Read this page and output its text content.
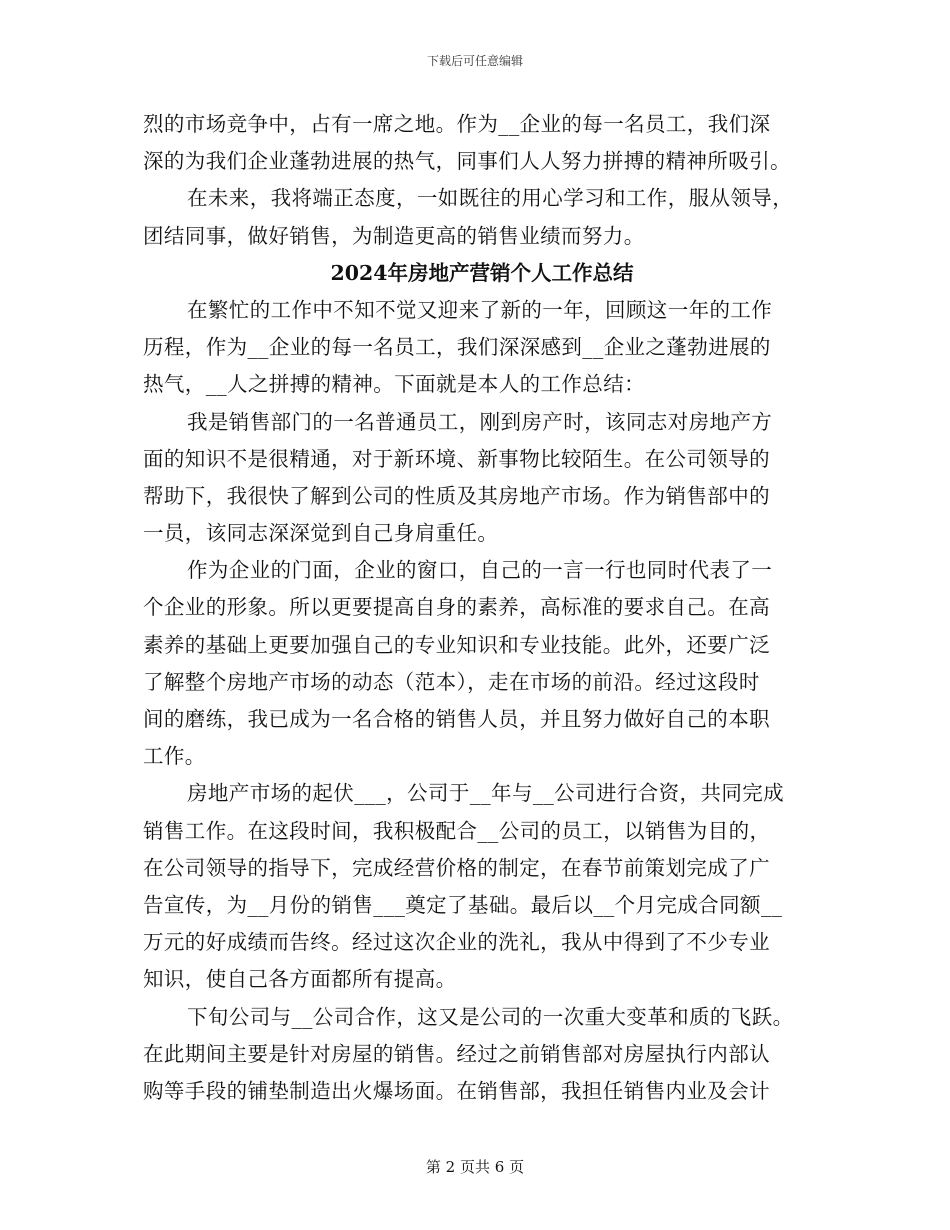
下载后可任意编辑
烈的市场竞争中，占有一席之地。作为__企业的每一名员工，我们深
深的为我们企业蓬勃进展的热气，同事们人人努力拼搏的精神所吸引。
在未来，我将端正态度，一如既往的用心学习和工作，服从领导，
团结同事，做好销售，为制造更高的销售业绩而努力。
2024年房地产营销个人工作总结
在繁忙的工作中不知不觉又迎来了新的一年，回顾这一年的工作
历程，作为__企业的每一名员工，我们深深感到__企业之蓬勃进展的
热气，__人之拼搏的精神。下面就是本人的工作总结：
我是销售部门的一名普通员工，刚到房产时，该同志对房地产方
面的知识不是很精通，对于新环境、新事物比较陌生。在公司领导的
帮助下，我很快了解到公司的性质及其房地产市场。作为销售部中的
一员，该同志深深觉到自己身肩重任。
作为企业的门面，企业的窗口，自己的一言一行也同时代表了一
个企业的形象。所以更要提高自身的素养，高标准的要求自己。在高
素养的基础上更要加强自己的专业知识和专业技能。此外，还要广泛
了解整个房地产市场的动态（范本），走在市场的前沿。经过这段时
间的磨练，我已成为一名合格的销售人员，并且努力做好自己的本职
工作。
房地产市场的起伏___，公司于__年与__公司进行合资，共同完成
销售工作。在这段时间，我积极配合__公司的员工，以销售为目的，
在公司领导的指导下，完成经营价格的制定，在春节前策划完成了广
告宣传，为__月份的销售___奠定了基础。最后以__个月完成合同额__
万元的好成绩而告终。经过这次企业的洗礼，我从中得到了不少专业
知识，使自己各方面都所有提高。
下旬公司与__公司合作，这又是公司的一次重大变革和质的飞跃。
在此期间主要是针对房屋的销售。经过之前销售部对房屋执行内部认
购等手段的铺垫制造出火爆场面。在销售部，我担任销售内业及会计
第 2 页共 6 页
